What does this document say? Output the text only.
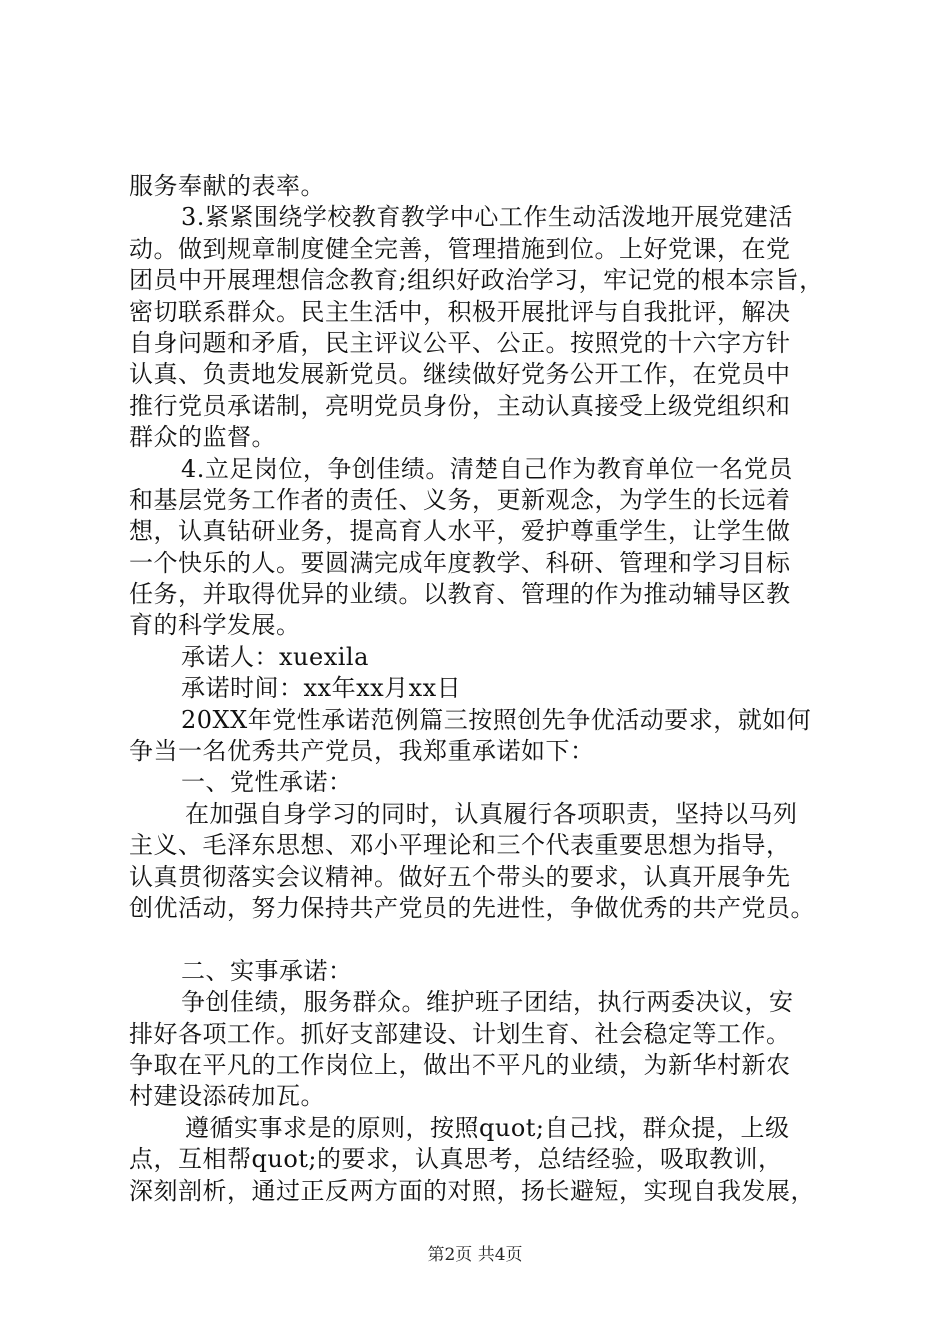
服务奉献的表率。
3.紧紧围绕学校教育教学中心工作生动活泼地开展党建活
动。做到规章制度健全完善，管理措施到位。上好党课，在党
团员中开展理想信念教育;组织好政治学习，牢记党的根本宗旨，
密切联系群众。民主生活中，积极开展批评与自我批评，解决
自身问题和矛盾，民主评议公平、公正。按照党的十六字方针
认真、负责地发展新党员。继续做好党务公开工作，在党员中
推行党员承诺制，亮明党员身份，主动认真接受上级党组织和
群众的监督。
4.立足岗位，争创佳绩。清楚自己作为教育单位一名党员
和基层党务工作者的责任、义务，更新观念，为学生的长远着
想，认真钻研业务，提高育人水平，爱护尊重学生，让学生做
一个快乐的人。要圆满完成年度教学、科研、管理和学习目标
任务，并取得优异的业绩。以教育、管理的作为推动辅导区教
育的科学发展。
承诺人：xuexila
承诺时间：xx年xx月xx日
20XX年党性承诺范例篇三按照创先争优活动要求，就如何
争当一名优秀共产党员，我郑重承诺如下：
一、党性承诺：
在加强自身学习的同时，认真履行各项职责，坚持以马列
主义、毛泽东思想、邓小平理论和三个代表重要思想为指导，
认真贯彻落实会议精神。做好五个带头的要求，认真开展争先
创优活动，努力保持共产党员的先进性，争做优秀的共产党员。
二、实事承诺：
争创佳绩，服务群众。维护班子团结，执行两委决议，安
排好各项工作。抓好支部建设、计划生育、社会稳定等工作。
争取在平凡的工作岗位上，做出不平凡的业绩，为新华村新农
村建设添砖加瓦。
遵循实事求是的原则，按照quot;自己找，群众提，上级
点，互相帮quot;的要求，认真思考，总结经验，吸取教训，
深刻剖析，通过正反两方面的对照，扬长避短，实现自我发展，
第2页 共4页
